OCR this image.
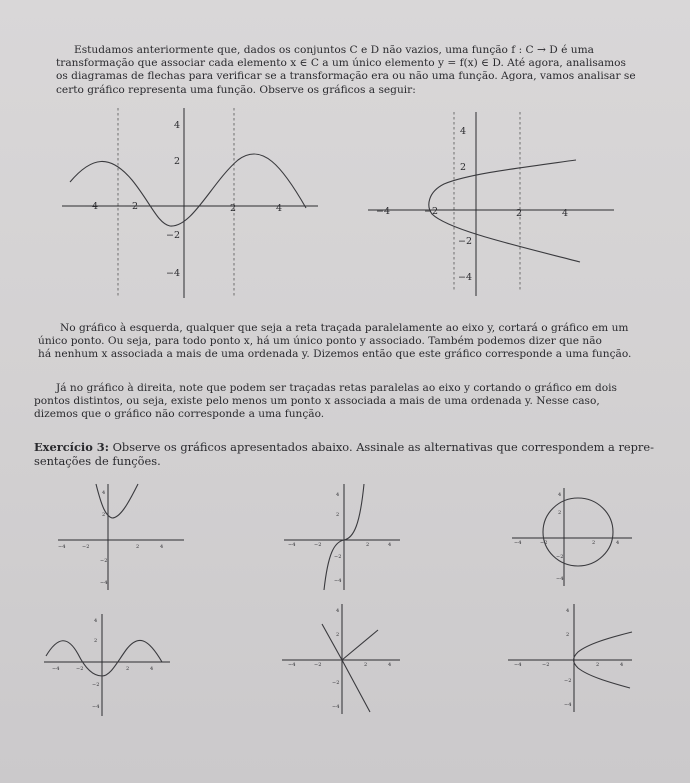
Estudamos anteriormente que, dados os conjuntos C e D não vazios, uma função f : C → D é uma

transformação que associar cada elemento x ∈ C a um único elemento y = f(x) ∈ D. Até agora, analisamos

os diagramas de flechas para verificar se a transformação era ou não uma função. Agora, vamos analisar se

certo gráfico representa uma função. Observe os gráficos a seguir:

4
2
−2
−4
−4	−2	2	4
4
2
−2
−4
−4	−2	2	4

No gráfico à esquerda, qualquer que seja a reta traçada paralelamente ao eixo y, cortará o gráfico em um

único ponto. Ou seja, para todo ponto x, há um único ponto y associado. Também podemos dizer que não

há nenhum x associada a mais de uma ordenada y. Dizemos então que este gráfico corresponde a uma função.

Já no gráfico à direita, note que podem ser traçadas retas paralelas ao eixo y cortando o gráfico em dois

pontos distintos, ou seja, existe pelo menos um ponto x associada a mais de uma ordenada y. Nesse caso,

dizemos que o gráfico não corresponde a uma função.

Exercício 3: Observe os gráficos apresentados abaixo. Assinale as alternativas que correspondem a repre-

sentações de funções.

4
2
−2
−4
−4	−2	2	4
4
2
−2
−4
−4	−2	2	4
4
2
−2
−4
−4	−2	2	4
4
2
−2
−4
−4	−2	2	4
4
2
−2
−4
−4	−2	2	4
4
2
−2
−4
−4	−2	2	4
